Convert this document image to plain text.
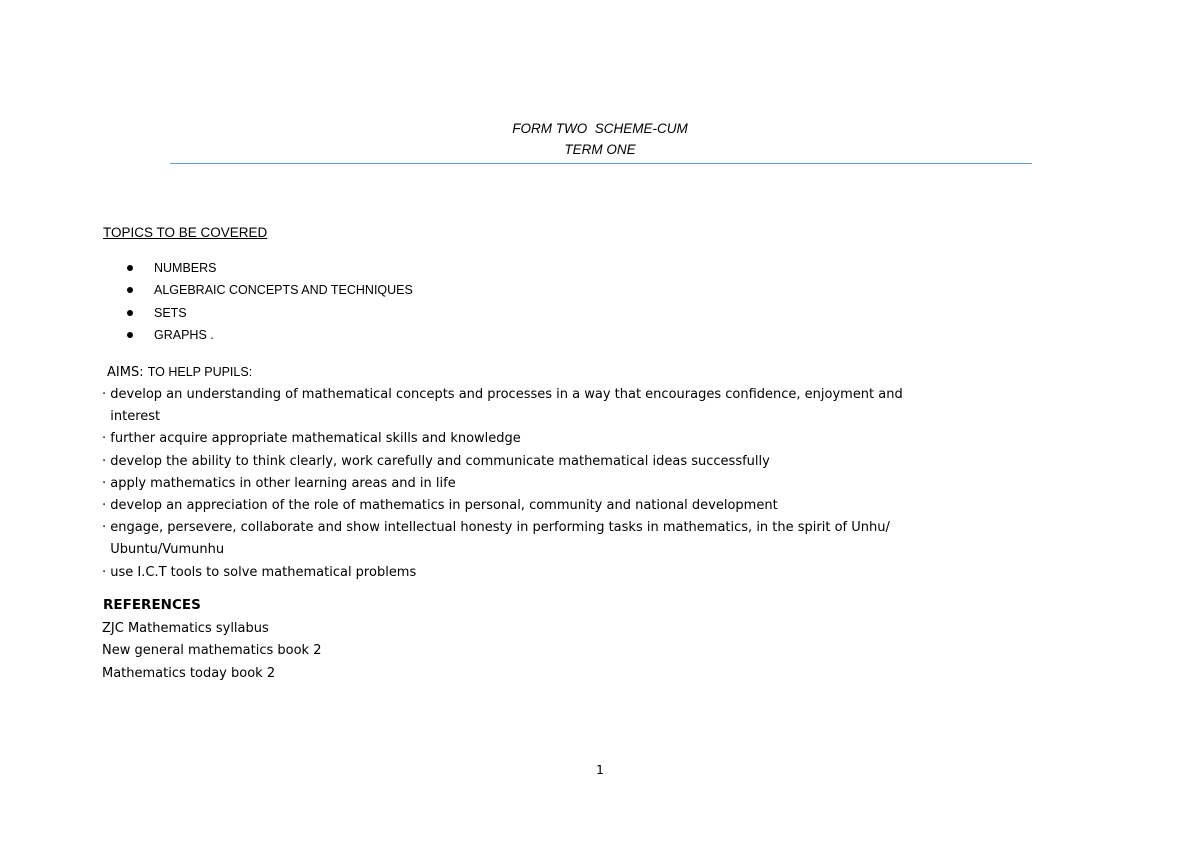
FORM TWO  SCHEME-CUM
TERM ONE
TOPICS TO BE COVERED
NUMBERS
ALGEBRAIC CONCEPTS AND TECHNIQUES
SETS
GRAPHS .
AIMS: TO HELP PUPILS:
· develop an understanding of mathematical concepts and processes in a way that encourages confidence, enjoyment and
interest
· further acquire appropriate mathematical skills and knowledge
· develop the ability to think clearly, work carefully and communicate mathematical ideas successfully
· apply mathematics in other learning areas and in life
· develop an appreciation of the role of mathematics in personal, community and national development
· engage, persevere, collaborate and show intellectual honesty in performing tasks in mathematics, in the spirit of Unhu/
Ubuntu/Vumunhu
· use I.C.T tools to solve mathematical problems
REFERENCES
ZJC Mathematics syllabus
New general mathematics book 2
Mathematics today book 2
1
